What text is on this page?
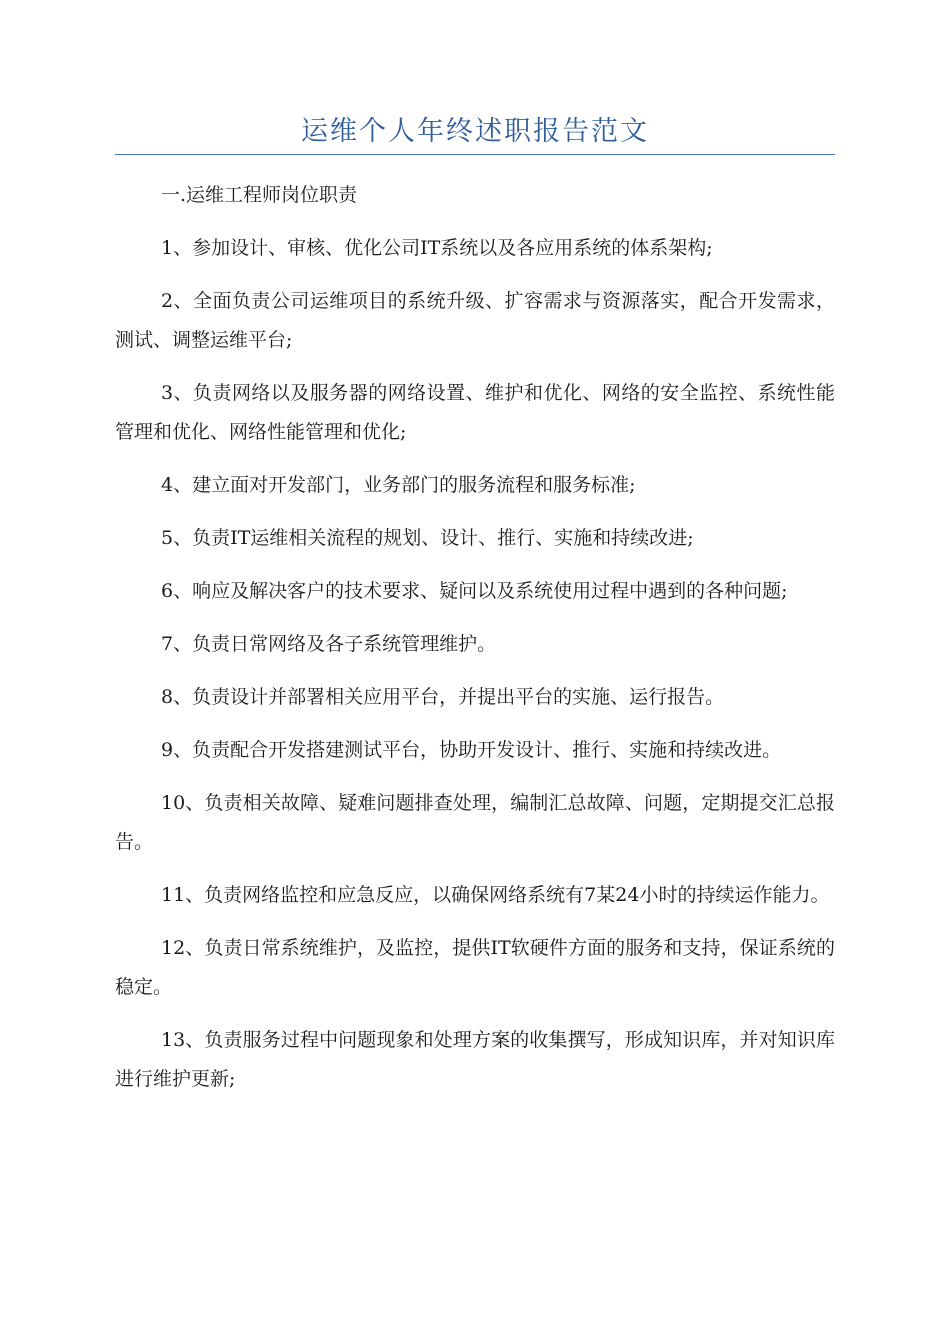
运维个人年终述职报告范文

一.运维工程师岗位职责

1、参加设计、审核、优化公司IT系统以及各应用系统的体系架构;

2、全面负责公司运维项目的系统升级、扩容需求与资源落实，配合开发需求，测试、调整运维平台;

3、负责网络以及服务器的网络设置、维护和优化、网络的安全监控、系统性能管理和优化、网络性能管理和优化;

4、建立面对开发部门，业务部门的服务流程和服务标准;

5、负责IT运维相关流程的规划、设计、推行、实施和持续改进;

6、响应及解决客户的技术要求、疑问以及系统使用过程中遇到的各种问题;

7、负责日常网络及各子系统管理维护。

8、负责设计并部署相关应用平台，并提出平台的实施、运行报告。

9、负责配合开发搭建测试平台，协助开发设计、推行、实施和持续改进。

10、负责相关故障、疑难问题排查处理，编制汇总故障、问题，定期提交汇总报告。

11、负责网络监控和应急反应，以确保网络系统有7某24小时的持续运作能力。

12、负责日常系统维护，及监控，提供IT软硬件方面的服务和支持，保证系统的稳定。

13、负责服务过程中问题现象和处理方案的收集撰写，形成知识库，并对知识库进行维护更新;
